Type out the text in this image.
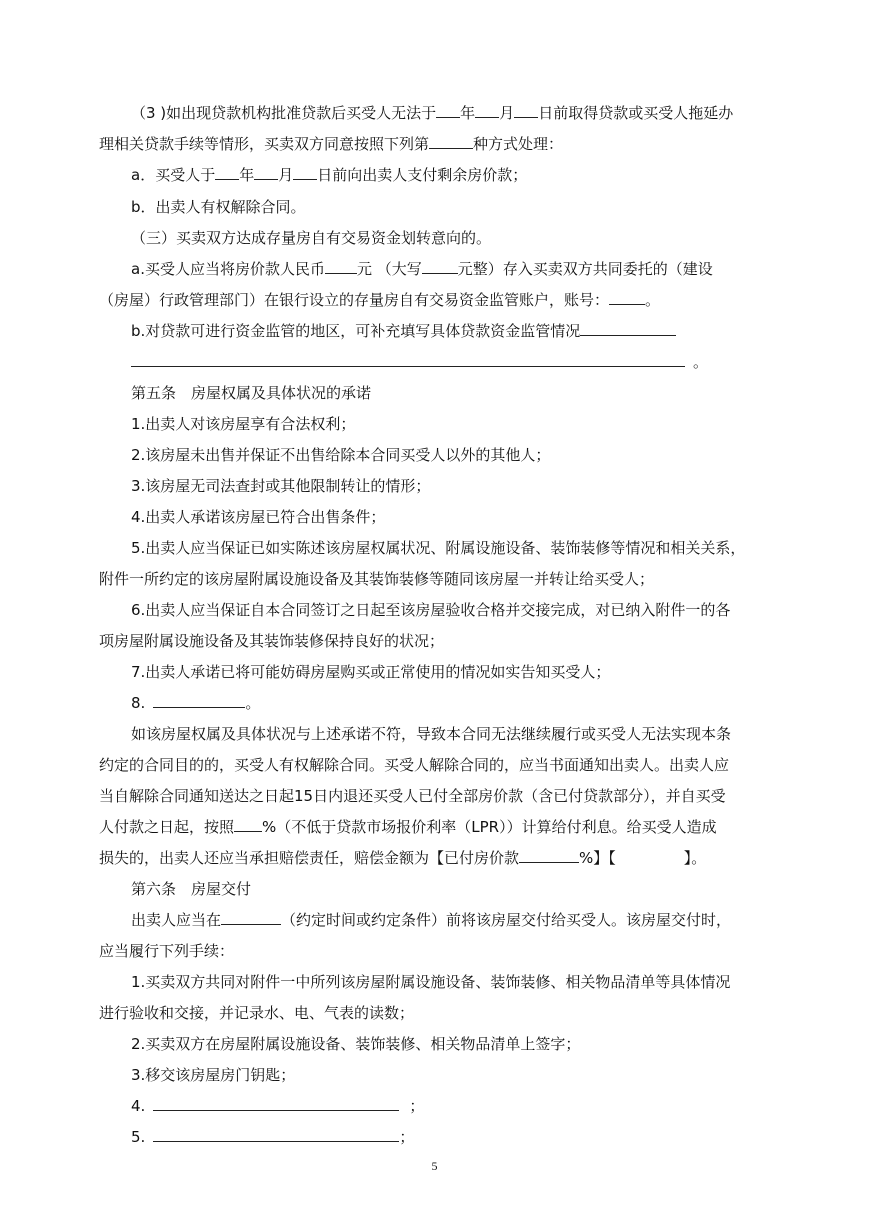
（3 )如出现贷款机构批准贷款后买受人无法于 年 月 日前取得贷款或买受人拖延办
理相关贷款手续等情形，买卖双方同意按照下列第	种方式处理：
a．买受人于 年 月 日前向出卖人支付剩余房价款；
b．出卖人有权解除合同。
（三）买卖双方达成存量房自有交易资金划转意向的。
a.买受人应当将房价款人民币 元 （大写 元整）存入买卖双方共同委托的（建设
（房屋）行政管理部门）在银行设立的存量房自有交易资金监管账户，账号： 。
b.对贷款可进行资金监管的地区，可补充填写具体贷款资金监管情况
。
第五条　房屋权属及具体状况的承诺
1.出卖人对该房屋享有合法权利；
2.该房屋未出售并保证不出售给除本合同买受人以外的其他人；
3.该房屋无司法查封或其他限制转让的情形；
4.出卖人承诺该房屋已符合出售条件；
5.出卖人应当保证已如实陈述该房屋权属状况、附属设施设备、装饰装修等情况和相关关系，
附件一所约定的该房屋附属设施设备及其装饰装修等随同该房屋一并转让给买受人；
6.出卖人应当保证自本合同签订之日起至该房屋验收合格并交接完成，对已纳入附件一的各
项房屋附属设施设备及其装饰装修保持良好的状况；
7.出卖人承诺已将可能妨碍房屋购买或正常使用的情况如实告知买受人；
8.	。
如该房屋权属及具体状况与上述承诺不符，导致本合同无法继续履行或买受人无法实现本条
约定的合同目的的，买受人有权解除合同。买受人解除合同的，应当书面通知出卖人。出卖人应
当自解除合同通知送达之日起15日内退还买受人已付全部房价款（含已付贷款部分），并自买受
人付款之日起，按照 %（不低于贷款市场报价利率（LPR））计算给付利息。给买受人造成
损失的，出卖人还应当承担赔偿责任，赔偿金额为【已付房价款	%】【	】。
第六条　房屋交付
出卖人应当在	（约定时间或约定条件）前将该房屋交付给买受人。该房屋交付时，
应当履行下列手续：
1.买卖双方共同对附件一中所列该房屋附属设施设备、装饰装修、相关物品清单等具体情况
进行验收和交接，并记录水、电、气表的读数；
2.买卖双方在房屋附属设施设备、装饰装修、相关物品清单上签字；
3.移交该房屋房门钥匙；
4.	；
5.	；
5
